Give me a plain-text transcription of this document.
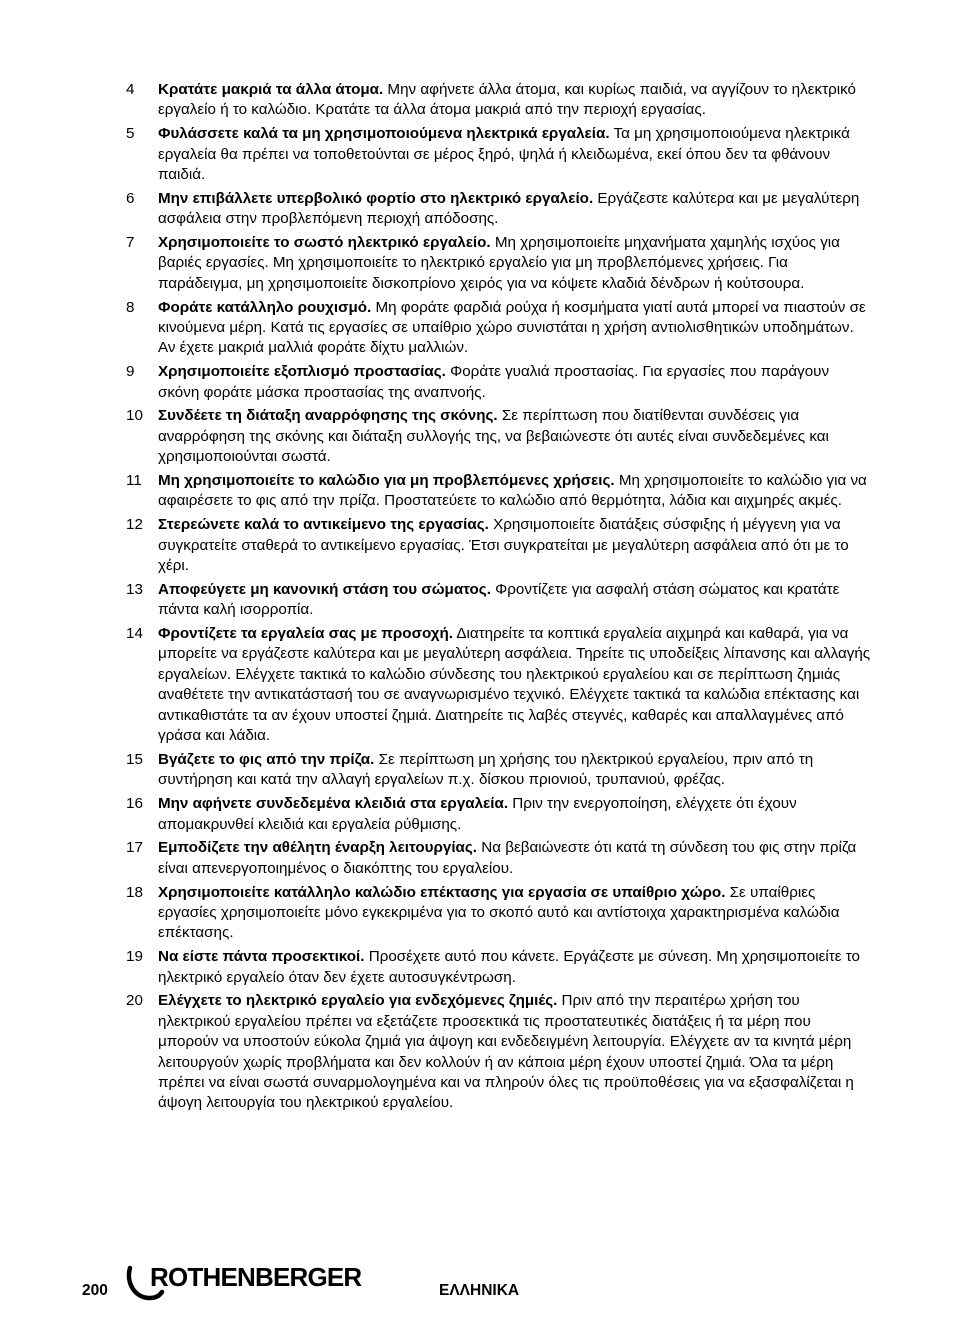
4	Κρατάτε μακριά τα άλλα άτομα. Μην αφήνετε άλλα άτομα, και κυρίως παιδιά, να αγγίζουν το ηλεκτρικό εργαλείο ή το καλώδιο. Κρατάτε τα άλλα άτομα μακριά από την περιοχή εργασίας.
5	Φυλάσσετε καλά τα μη χρησιμοποιούμενα ηλεκτρικά εργαλεία. Τα μη χρησιμοποιούμενα ηλεκτρικά εργαλεία θα πρέπει να τοποθετούνται σε μέρος ξηρό, ψηλά ή κλειδωμένα, εκεί όπου δεν τα φθάνουν παιδιά.
6	Μην επιβάλλετε υπερβολικό φορτίο στο ηλεκτρικό εργαλείο. Εργάζεστε καλύτερα και με μεγαλύτερη ασφάλεια στην προβλεπόμενη περιοχή απόδοσης.
7	Χρησιμοποιείτε το σωστό ηλεκτρικό εργαλείο. Μη χρησιμοποιείτε μηχανήματα χαμηλής ισχύος για βαριές εργασίες. Μη χρησιμοποιείτε το ηλεκτρικό εργαλείο για μη προβλεπόμενες χρήσεις. Για παράδειγμα, μη χρησιμοποιείτε δισκοπρίονο χειρός για να κόψετε κλαδιά δένδρων ή κούτσουρα.
8	Φοράτε κατάλληλο ρουχισμό. Μη φοράτε φαρδιά ρούχα ή κοσμήματα γιατί αυτά μπορεί να πιαστούν σε κινούμενα μέρη. Κατά τις εργασίες σε υπαίθριο χώρο συνιστάται η χρήση αντιολισθητικών υποδημάτων. Αν έχετε μακριά μαλλιά φοράτε δίχτυ μαλλιών.
9	Χρησιμοποιείτε εξοπλισμό προστασίας. Φοράτε γυαλιά προστασίας. Για εργασίες που παράγουν σκόνη φοράτε μάσκα προστασίας της αναπνοής.
10 Συνδέετε τη διάταξη αναρρόφησης της σκόνης. Σε περίπτωση που διατίθενται συνδέσεις για αναρρόφηση της σκόνης και διάταξη συλλογής της, να βεβαιώνεστε ότι αυτές είναι συνδεδεμένες και χρησιμοποιούνται σωστά.
11	Μη χρησιμοποιείτε το καλώδιο για μη προβλεπόμενες χρήσεις. Μη χρησιμοποιείτε το καλώδιο για να αφαιρέσετε το φις από την πρίζα. Προστατεύετε το καλώδιο από θερμότητα, λάδια και αιχμηρές ακμές.
12 Στερεώνετε καλά το αντικείμενο της εργασίας. Χρησιμοποιείτε διατάξεις σύσφιξης ή μέγγενη για να συγκρατείτε σταθερά το αντικείμενο εργασίας. Έτσι συγκρατείται με μεγαλύτερη ασφάλεια από ότι με το χέρι.
13 Αποφεύγετε μη κανονική στάση του σώματος. Φροντίζετε για ασφαλή στάση σώματος και κρατάτε πάντα καλή ισορροπία.
14 Φροντίζετε τα εργαλεία σας με προσοχή. Διατηρείτε τα κοπτικά εργαλεία αιχμηρά και καθαρά, για να μπορείτε να εργάζεστε καλύτερα και με μεγαλύτερη ασφάλεια. Τηρείτε τις υποδείξεις λίπανσης και αλλαγής εργαλείων. Ελέγχετε τακτικά το καλώδιο σύνδεσης του ηλεκτρικού εργαλείου και σε περίπτωση ζημιάς αναθέτετε την αντικατάστασή του σε αναγνωρισμένο τεχνικό. Ελέγχετε τακτικά τα καλώδια επέκτασης και αντικαθιστάτε τα αν έχουν υποστεί ζημιά. Διατηρείτε τις λαβές στεγνές, καθαρές και απαλλαγμένες από γράσα και λάδια.
15 Βγάζετε το φις από την πρίζα. Σε περίπτωση μη χρήσης του ηλεκτρικού εργαλείου, πριν από τη συντήρηση και κατά την αλλαγή εργαλείων π.χ. δίσκου πριονιού, τρυπανιού, φρέζας.
16 Μην αφήνετε συνδεδεμένα κλειδιά στα εργαλεία. Πριν την ενεργοποίηση, ελέγχετε ότι έχουν απομακρυνθεί κλειδιά και εργαλεία ρύθμισης.
17 Εμποδίζετε την αθέλητη έναρξη λειτουργίας. Να βεβαιώνεστε ότι κατά τη σύνδεση του φις στην πρίζα είναι απενεργοποιημένος ο διακόπτης του εργαλείου.
18 Χρησιμοποιείτε κατάλληλο καλώδιο επέκτασης για εργασία σε υπαίθριο χώρο. Σε υπαίθριες εργασίες χρησιμοποιείτε μόνο εγκεκριμένα για το σκοπό αυτό και αντίστοιχα χαρακτηρισμένα καλώδια επέκτασης.
19 Να είστε πάντα προσεκτικοί. Προσέχετε αυτό που κάνετε. Εργάζεστε με σύνεση. Μη χρησιμοποιείτε το ηλεκτρικό εργαλείο όταν δεν έχετε αυτοσυγκέντρωση.
20 Ελέγχετε το ηλεκτρικό εργαλείο για ενδεχόμενες ζημιές. Πριν από την περαιτέρω χρήση του ηλεκτρικού εργαλείου πρέπει να εξετάζετε προσεκτικά τις προστατευτικές διατάξεις ή τα μέρη που μπορούν να υποστούν εύκολα ζημιά για άψογη και ενδεδειγμένη λειτουργία. Ελέγχετε αν τα κινητά μέρη λειτουργούν χωρίς προβλήματα και δεν κολλούν ή αν κάποια μέρη έχουν υποστεί ζημιά. Όλα τα μέρη πρέπει να είναι σωστά συναρμολογημένα και να πληρούν όλες τις προϋποθέσεις για να εξασφαλίζεται η άψογη λειτουργία του ηλεκτρικού εργαλείου.
200 ROTHENBERGER	ΕΛΛΗΝΙΚΑ
